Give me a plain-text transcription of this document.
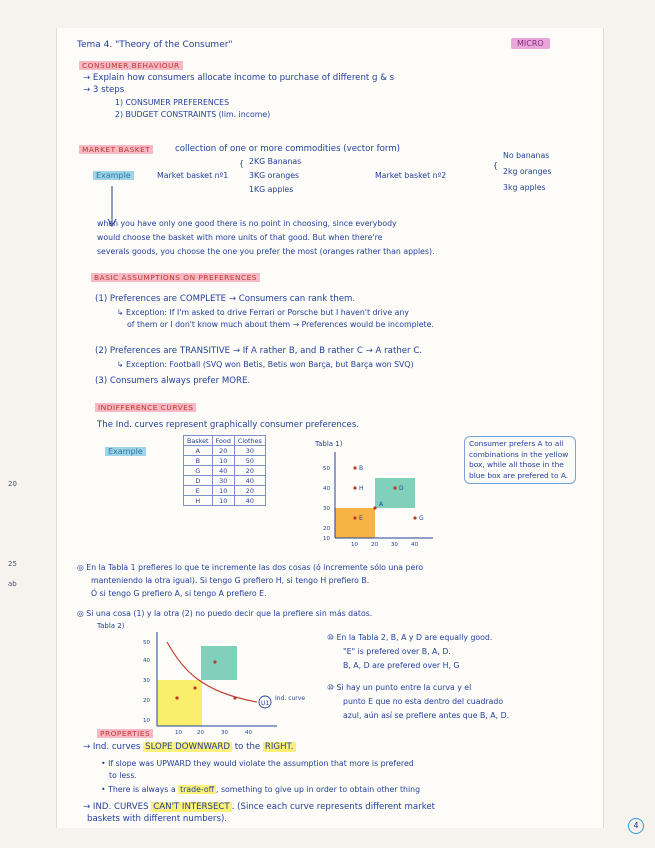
Tema 4. "Theory of the Consumer"	MICRO
CONSUMER BEHAVIOUR
→ Explain how consumers allocate income to purchase of different g & s
→ 3 steps
1) CONSUMER PREFERENCES
2) BUDGET CONSTRAINTS (lim. income)
MARKET BASKET	collection of one or more commodities (vector form)
Example	Market basket nº1
{ 2KG Bananas
3KG oranges
1KG apples
Market basket nº2
{
No bananas
2kg oranges
3kg apples
when you have only one good there is no point in choosing, since everybody
would choose the basket with more units of that good. But when there're
severals goods, you choose the one you prefer the most (oranges rather than apples).
BASIC ASSUMPTIONS ON PREFERENCES
(1) Preferences are COMPLETE → Consumers can rank them.
↳ Exception: If I'm asked to drive Ferrari or Porsche but I haven't drive any
of them or I don't know much about them → Preferences would be incomplete.
(2) Preferences are TRANSITIVE → If A rather B, and B rather C → A rather C.
↳ Exception: Football (SVQ won Betis, Betis won Barça, but Barça won SVQ)
(3) Consumers always prefer MORE.
INDIFFERENCE CURVES
The Ind. curves represent graphically consumer preferences.
Example
Basket	Food	Clothes
A	20	30
B	10	50
G	40	20
D	30	40
E	10	20
H	10	40
Tabla 1)
50
40
30
20
10
10 20 30 40
B
H
A
D
G
E
Consumer prefers A to all combinations in the yellow box, while all those in the blue box are prefered to A.
◎ En la Tabla 1 prefieres lo que te incremente las dos cosas (ó incremente sólo una pero
manteniendo la otra igual). Si tengo G prefiero H, si tengo H prefiero B.
Ó si tengo G prefiero A, si tengo A prefiero E.
◎ Si una cosa (1) y la otra (2) no puedo decir que la prefiere sin más datos.
Tabla 2)
50
40
30
20
10
10	20	30	40
U1
Ind. curve
⑩ En la Tabla 2, B, A y D are equally good.
"E" is prefered over B, A, D.
B, A, D are prefered over H, G
⑩ Si hay un punto entre la curva y el
punto E que no esta dentro del cuadrado
azul, aún así se prefiere antes que B, A, D.
PROPERTIES
→ Ind. curves SLOPE DOWNWARD to the RIGHT.
• If slope was UPWARD they would violate the assumption that more is prefered
to less.
• There is always a trade-off , something to give up in order to obtain other thing
→ IND. CURVES CAN'T INTERSECT . (Since each curve represents different market
baskets with different numbers).
4
20
25
ab
